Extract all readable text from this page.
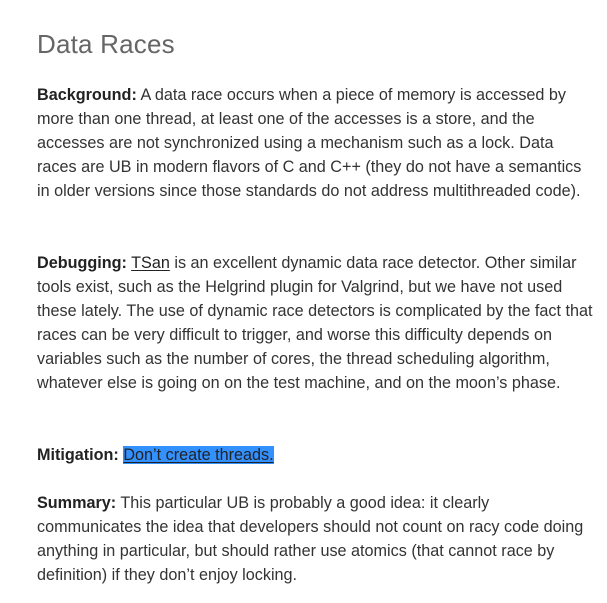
Data Races

Background: A data race occurs when a piece of memory is accessed by more than one thread, at least one of the accesses is a store, and the accesses are not synchronized using a mechanism such as a lock. Data races are UB in modern flavors of C and C++ (they do not have a semantics in older versions since those standards do not address multithreaded code).

Debugging: TSan is an excellent dynamic data race detector. Other similar tools exist, such as the Helgrind plugin for Valgrind, but we have not used these lately. The use of dynamic race detectors is complicated by the fact that races can be very difficult to trigger, and worse this difficulty depends on variables such as the number of cores, the thread scheduling algorithm, whatever else is going on on the test machine, and on the moon’s phase.

Mitigation: Don’t create threads.

Summary: This particular UB is probably a good idea: it clearly communicates the idea that developers should not count on racy code doing anything in particular, but should rather use atomics (that cannot race by definition) if they don’t enjoy locking.
